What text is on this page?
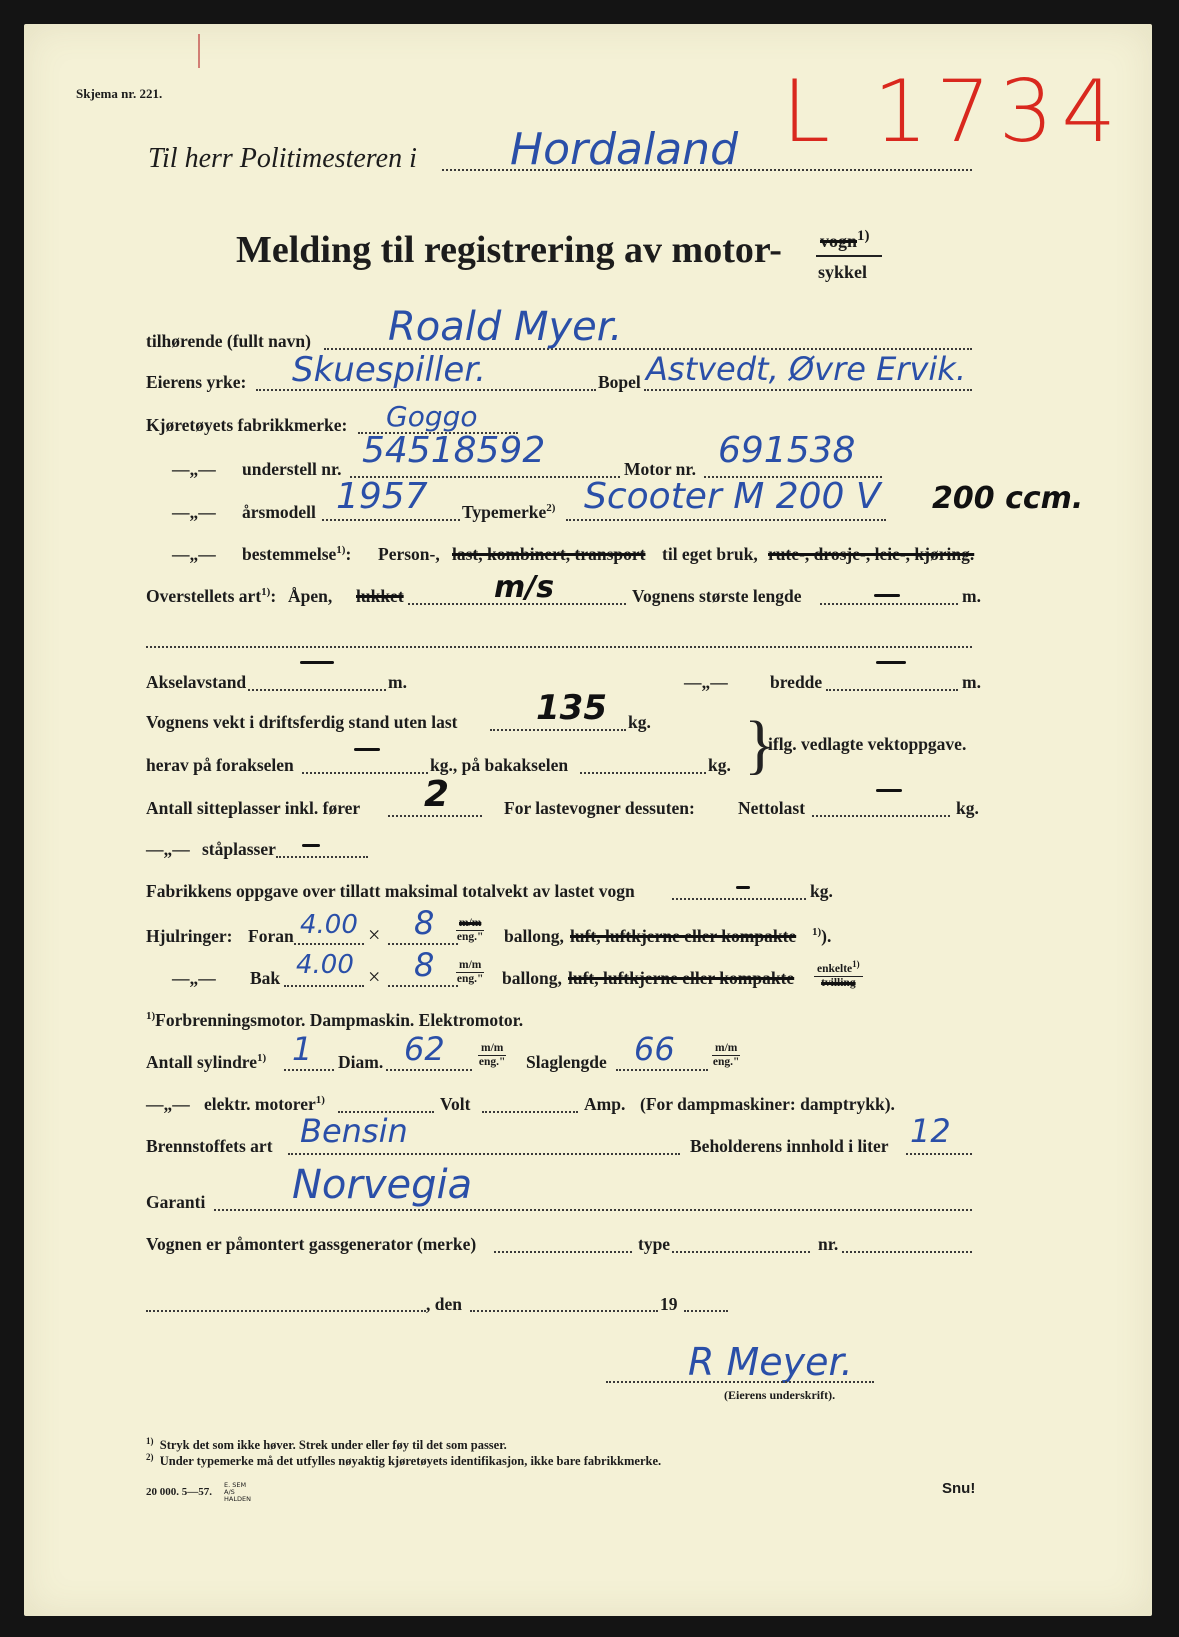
Skjema nr. 221.	L 1734
Til herr Politimesteren i Hordaland
Melding til registrering av motor- vogn$^{1)}$
sykkel
tilhørende (fullt navn) Roald Myer.
Eierens yrke: Skuespiller.	Bopel Astvedt, Øvre Ervik.
Kjøretøyets fabrikkmerke: Goggo
—„— understell nr. 54518592	Motor nr. 691538
—„— årsmodell 1957 Typemerke$^{2)}$ Scooter M 200 V 200 ccm.
—„— bestemmelse$^{1)}$: Person-, last, kombinert, transport til eget bruk, rute-, drosje-, leie-, kjøring.
Overstellets art$^{1)}$: Åpen, lukket	m/s	Vognens største lengde	m.
Akselavstand	m.	—„— bredde	m.
Vognens vekt i driftsferdig stand uten last 135 kg.
herav på forakselen	kg., på bakakselen	kg. }
iflg. vedlagte vektoppgave.
Antall sitteplasser inkl. fører 2	For lastevogner dessuten: Nettolast	kg.
—„— ståplasser
Fabrikkens oppgave over tillatt maksimal totalvekt av lastet vogn	kg.
Hjulringer: Foran 4.00 × 8 m/m
eng." ballong, luft, luftkjerne eller kompakte $^{1)}$).
—„— Bak 4.00 × 8 m/m
eng." ballong, luft, luftkjerne eller kompakte enkelte$^{1)}$
tvilling
$^{1)}$Forbrenningsmotor. Dampmaskin. Elektromotor.
Antall sylindre$^{1)}$ 1 Diam. 62	m/m
eng." Slaglengde 66	m/m
eng."
—„— elektr. motorer$^{1)}$	Volt	Amp. (For dampmaskiner: damptrykk).
Brennstoffets art Bensin	Beholderens innhold i liter 12
Garanti Norvegia
Vognen er påmontert gassgenerator (merke)	type	nr.
, den	19
R Meyer.
(Eierens underskrift).
$^{1)}$ Stryk det som ikke høver. Strek under eller føy til det som passer.
$^{2)}$ Under typemerke må det utfylles nøyaktig kjøretøyets identifikasjon, ikke bare fabrikkmerke.
20 000. 5—57.
E. SEM A/S HALDEN
Snu!
